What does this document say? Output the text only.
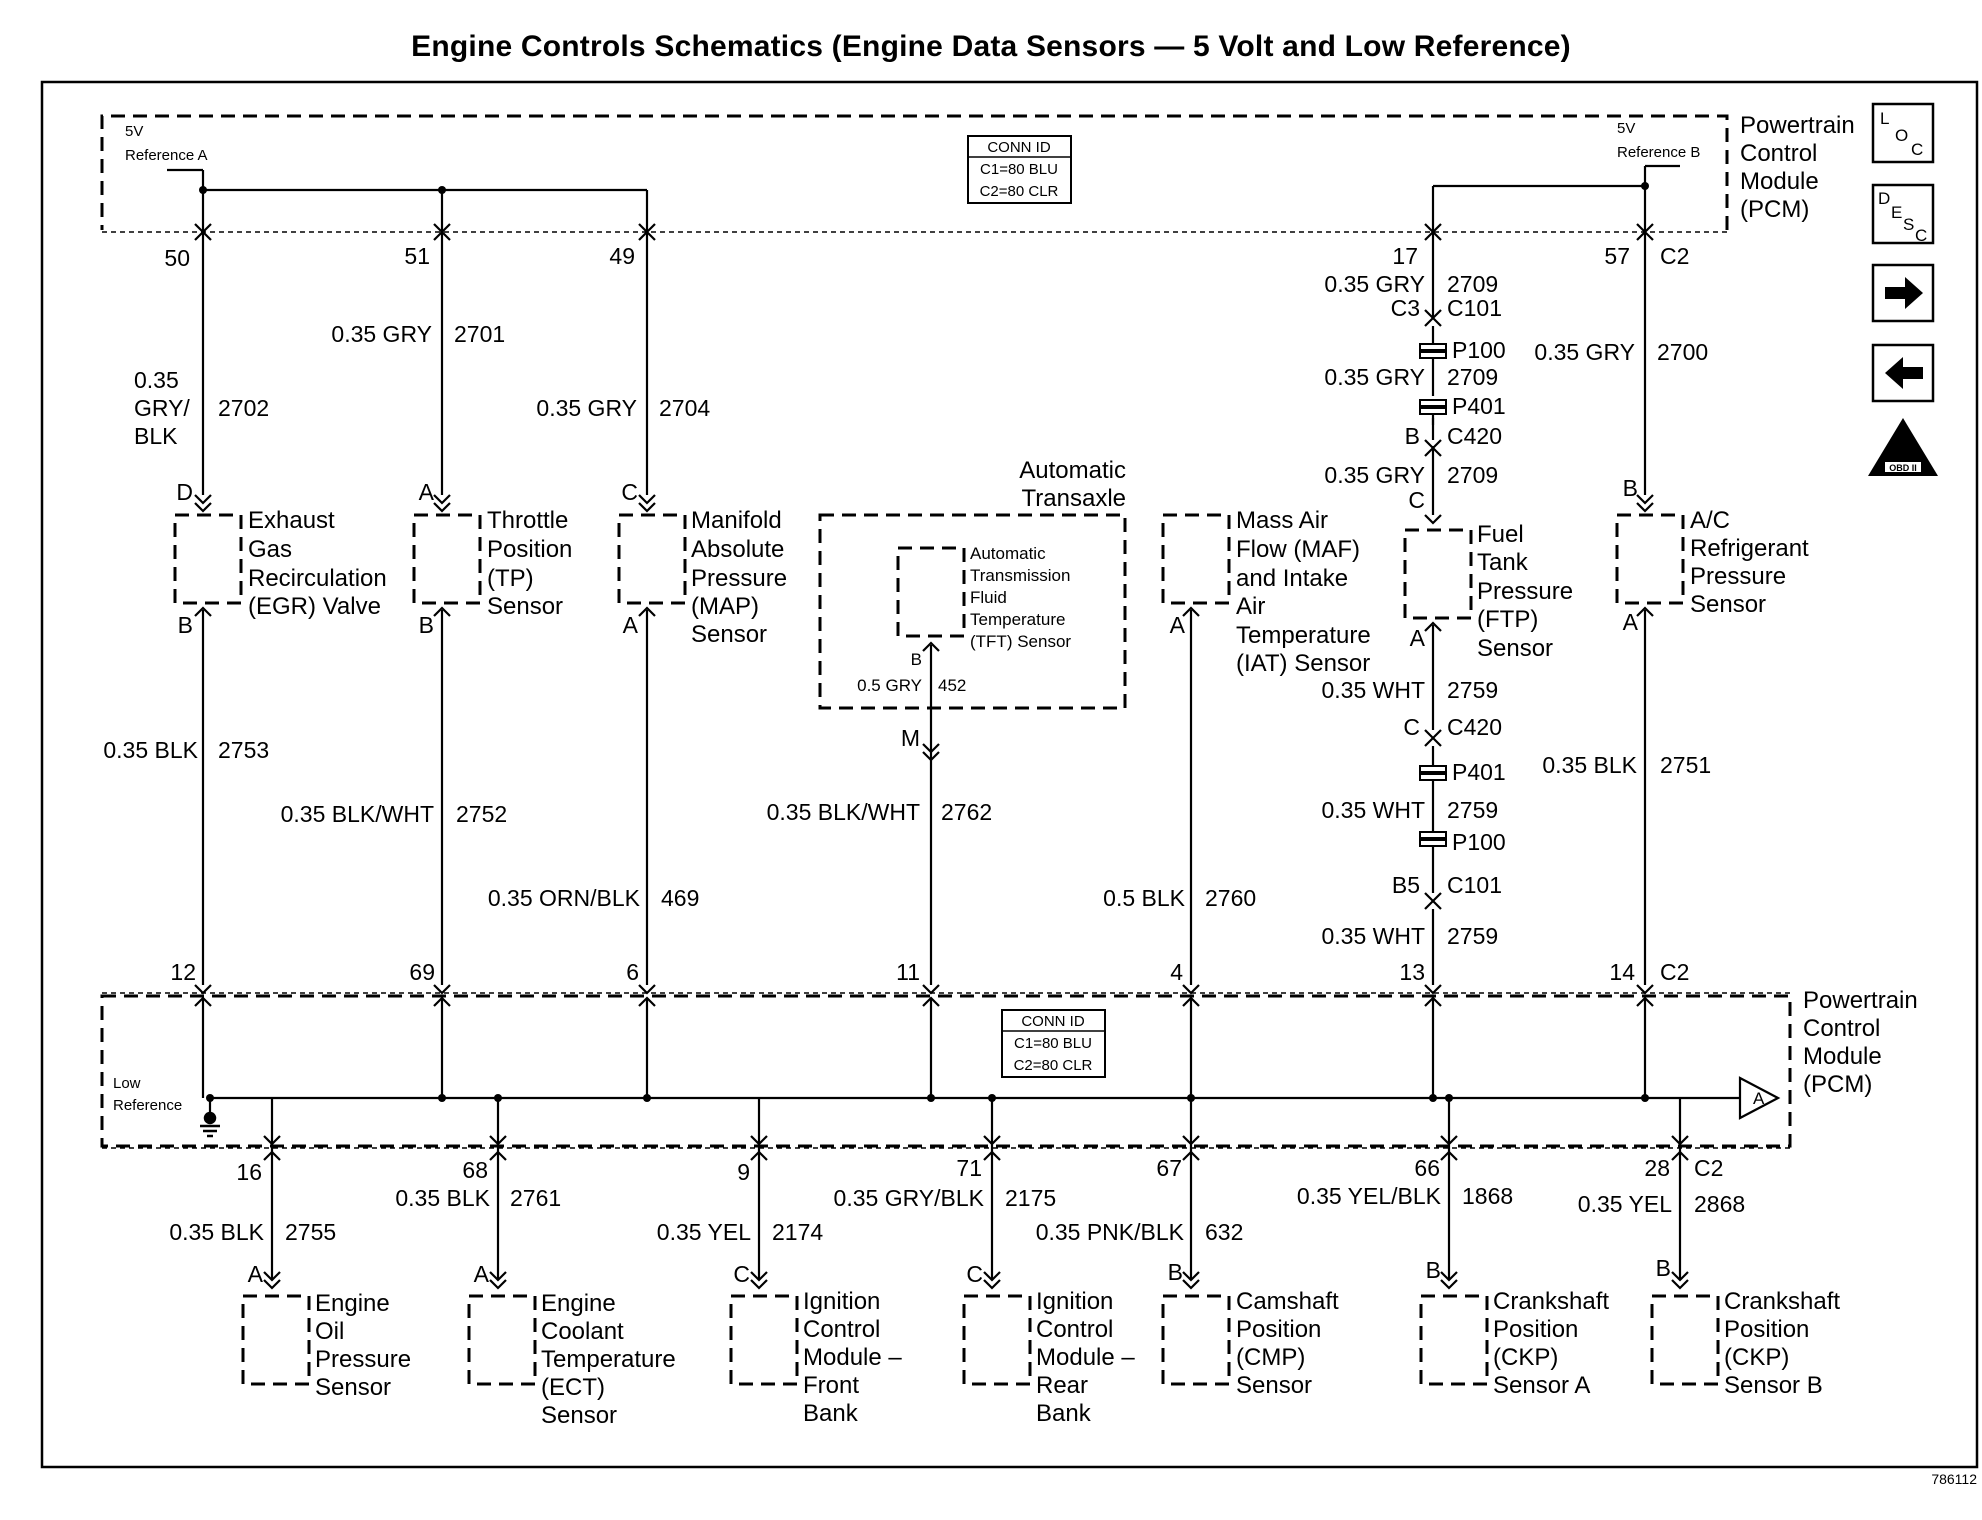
Engine Controls Schematics (Engine Data Sensors — 5 Volt and Low Reference)
CONN ID
C1=80 BLU
C2=80 CLR
CONN ID
C1=80 BLU
C2=80 CLR
5V
Reference A
5V
Reference B
Powertrain
Control
Module
(PCM)
L
O
C
D
E
S
C
II
OBD II
50	51	49	17	57 C2
0.35
GRY/
BLK
2702
0.35 GRY 2701
0.35 GRY 2704
0.35 GRY 2700
0.35 GRY 2709
C3 C101
P100
0.35 GRY 2709
P401
B C420
0.35 GRY 2709
D
B
A
B
C
A	A
C
A
B
A
Exhaust
Gas
Recirculation
(EGR) Valve
Throttle
Position
(TP)
Sensor
Manifold
Absolute
Pressure
(MAP)
Sensor
Automatic
Transaxle
Automatic
Transmission
Fluid
Temperature
(TFT) Sensor
Mass Air
Flow (MAF)
and Intake
Air
Temperature
(IAT) Sensor
Fuel
Tank
Pressure
(FTP)
Sensor
A/C
Refrigerant
Pressure
Sensor
B
0.5 GRY 452
M
0.35 BLK 2753
0.35 BLK/WHT 2752
0.35 ORN/BLK 469
0.35 BLK/WHT 2762
0.5 BLK 2760
0.35 BLK 2751
0.35 WHT 2759
C C420
P401
0.35 WHT 2759
P100
B5 C101
0.35 WHT 2759
12	69	6	11	4	13	14 C2
A
Low
Reference
Powertrain
Control
Module
(PCM)
16	68	9	71	67	66	28 C2
0.35 BLK 2755
0.35 BLK 2761
0.35 YEL 2174
0.35 GRY/BLK 2175
0.35 PNK/BLK 632
0.35 YEL/BLK 1868	0.35 YEL 2868
A	A	C	C	B	B	B
Engine
Oil
Pressure
Sensor
Engine
Coolant
Temperature
(ECT)
Sensor
Ignition
Control
Module –
Front
Bank
Ignition
Control
Module –
Rear
Bank
Camshaft
Position
(CMP)
Sensor
Crankshaft
Position
(CKP)
Sensor A
Crankshaft
Position
(CKP)
Sensor B
786112
